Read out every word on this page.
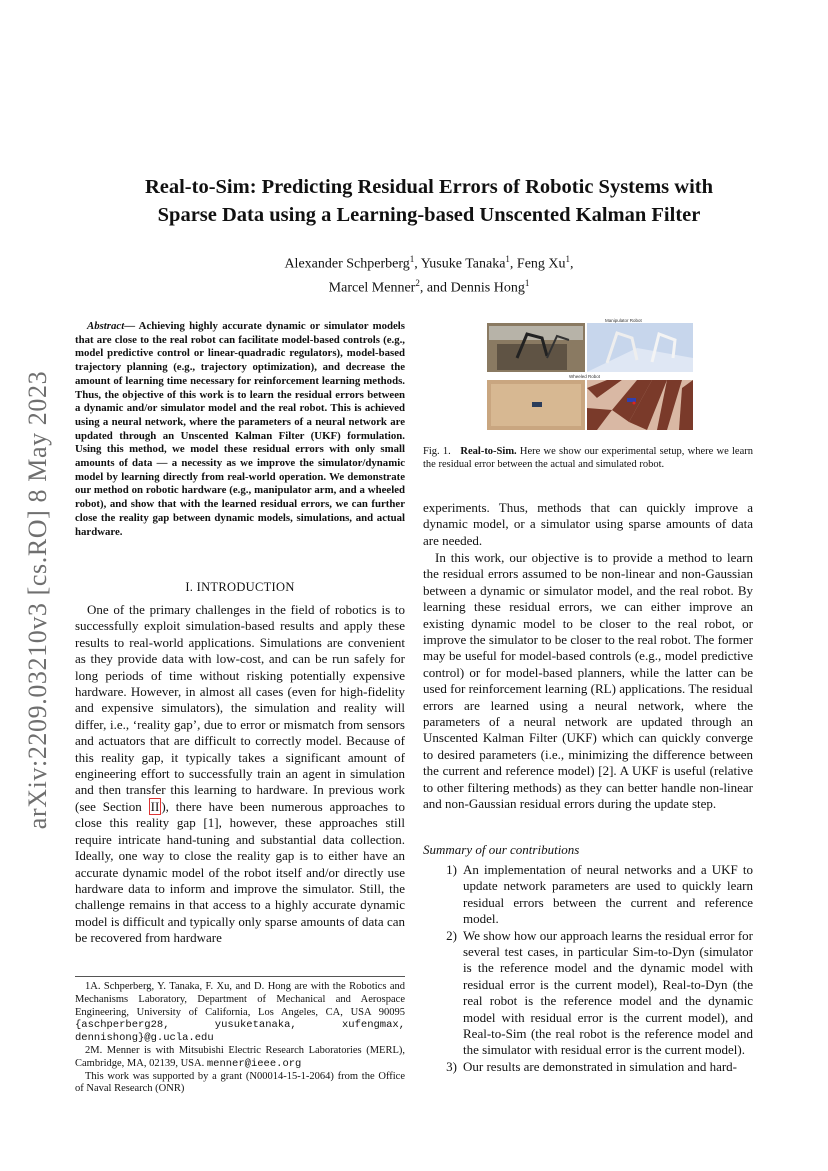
arXiv:2209.03210v3 [cs.RO] 8 May 2023
Real-to-Sim: Predicting Residual Errors of Robotic Systems with
Sparse Data using a Learning-based Unscented Kalman Filter
Alexander Schperberg$^1$, Yusuke Tanaka$^1$, Feng Xu$^1$,
Marcel Menner$^2$, and Dennis Hong$^1$
Abstract— Achieving highly accurate dynamic or simulator models that are close to the real robot can facilitate model-based controls (e.g., model predictive control or linear-quadradic regulators), model-based trajectory planning (e.g., trajectory optimization), and decrease the amount of learning time necessary for reinforcement learning methods. Thus, the objective of this work is to learn the residual errors between a dynamic and/or simulator model and the real robot. This is achieved using a neural network, where the parameters of a neural network are updated through an Unscented Kalman Filter (UKF) formulation. Using this method, we model these residual errors with only small amounts of data — a necessity as we improve the simulator/dynamic model by learning directly from real-world operation. We demonstrate our method on robotic hardware (e.g., manipulator arm, and a wheeled robot), and show that with the learned residual errors, we can further close the reality gap between dynamic models, simulations, and actual hardware.
I. INTRODUCTION
One of the primary challenges in the field of robotics is to successfully exploit simulation-based results and apply these results to real-world applications. Simulations are convenient as they provide data with low-cost, and can be run safely for long periods of time without risking potentially expensive hardware. However, in almost all cases (even for high-fidelity and expensive simulators), the simulation and reality will differ, i.e., ‘reality gap’, due to error or mismatch from sensors and actuators that are difficult to correctly model. Because of this reality gap, it typically takes a significant amount of engineering effort to successfully train an agent in simulation and then transfer this learning to hardware. In previous work (see Section II ), there have been numerous approaches to close this reality gap [1], however, these approaches still require intricate hand-tuning and substantial data collection. Ideally, one way to close the reality gap is to either have an accurate dynamic model of the robot itself and/or directly use hardware data to inform and improve the simulator. Still, the challenge remains in that access to a highly accurate dynamic model is difficult and typically only sparse amounts of data can be recovered from hardware

1A. Schperberg, Y. Tanaka, F. Xu, and D. Hong are with the Robotics and Mechanisms Laboratory, Department of Mechanical and Aerospace Engineering, University of California, Los Angeles, CA, USA 90095 {aschperberg28, yusuketanaka, xufengmax, dennishong}@g.ucla.edu

2M. Menner is with Mitsubishi Electric Research Laboratories (MERL), Cambridge, MA, 02139, USA. menner@ieee.org

This work was supported by a grant (N00014-15-1-2064) from the Office of Naval Research (ONR)

Manipulator Robot
Wheeled Robot
Fig. 1. Real-to-Sim. Here we show our experimental setup, where we learn the residual error between the actual and simulated robot.
experiments. Thus, methods that can quickly improve a dynamic model, or a simulator using sparse amounts of data are needed.
In this work, our objective is to provide a method to learn the residual errors assumed to be non-linear and non-Gaussian between a dynamic or simulator model, and the real robot. By learning these residual errors, we can either improve an existing dynamic model to be closer to the real robot, or improve the simulator to be closer to the real robot. The former may be useful for model-based controls (e.g., model predictive control) or for model-based planners, while the latter can be used for reinforcement learning (RL) applications. The residual errors are learned using a neural network, where the parameters of a neural network are updated through an Unscented Kalman Filter (UKF) which can quickly converge to desired parameters (i.e., minimizing the difference between the current and reference model) [2]. A UKF is useful (relative to other filtering methods) as they can better handle non-linear and non-Gaussian residual errors during the update step.
Summary of our contributions
1) An implementation of neural networks and a UKF to update network parameters are used to quickly learn residual errors between the current and reference model.
2) We show how our approach learns the residual error for several test cases, in particular Sim-to-Dyn (simulator is the reference model and the dynamic model with residual error is the current model), Real-to-Dyn (the real robot is the reference model and the dynamic model with residual error is the current model), and Real-to-Sim (the real robot is the reference model and the simulator with residual error is the current model).
3) Our results are demonstrated in simulation and hard-
